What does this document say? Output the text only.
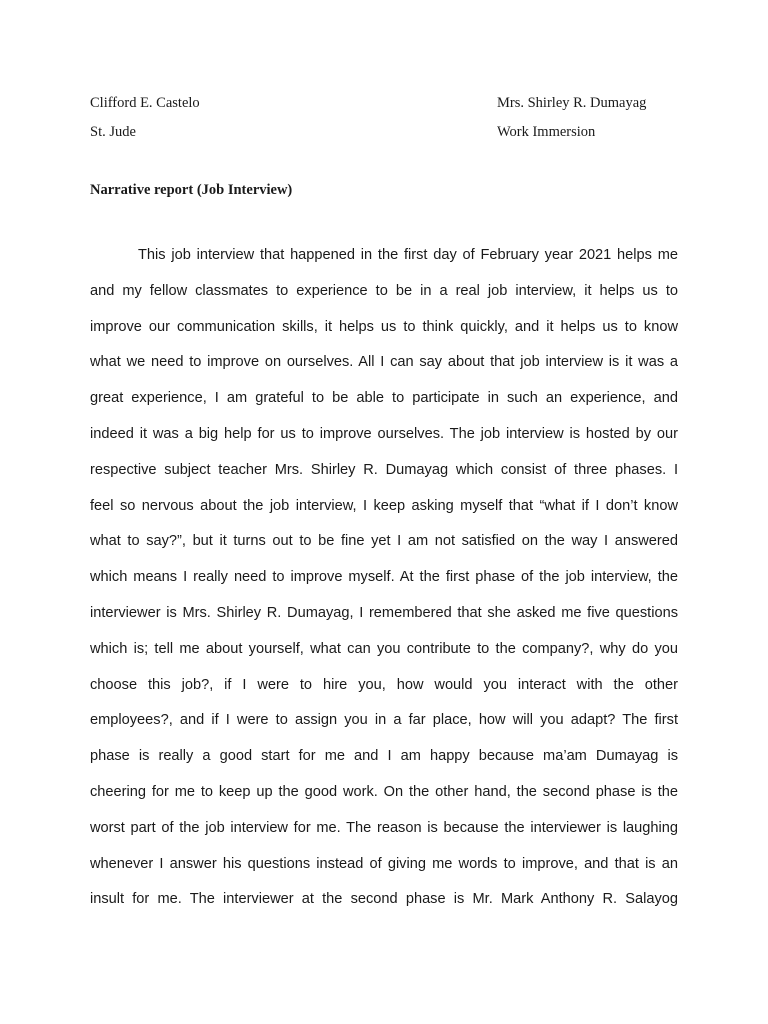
Clifford E. Castelo	Mrs. Shirley R. Dumayag
St. Jude	Work Immersion
Narrative report (Job Interview)
This job interview that happened in the first day of February year 2021 helps me
and my fellow classmates to experience to be in a real job interview, it helps us to
improve our communication skills, it helps us to think quickly, and it helps us to know
what we need to improve on ourselves. All I can say about that job interview is it was a
great experience, I am grateful to be able to participate in such an experience, and
indeed it was a big help for us to improve ourselves. The job interview is hosted by our
respective subject teacher Mrs. Shirley R. Dumayag which consist of three phases. I
feel so nervous about the job interview, I keep asking myself that “what if I don’t know
what to say?”, but it turns out to be fine yet I am not satisfied on the way I answered
which means I really need to improve myself. At the first phase of the job interview, the
interviewer is Mrs. Shirley R. Dumayag, I remembered that she asked me five questions
which is; tell me about yourself, what can you contribute to the company?, why do you
choose this job?, if I were to hire you, how would you interact with the other
employees?, and if I were to assign you in a far place, how will you adapt? The first
phase is really a good start for me and I am happy because ma’am Dumayag is
cheering for me to keep up the good work. On the other hand, the second phase is the
worst part of the job interview for me. The reason is because the interviewer is laughing
whenever I answer his questions instead of giving me words to improve, and that is an
insult for me. The interviewer at the second phase is Mr. Mark Anthony R. Salayog
